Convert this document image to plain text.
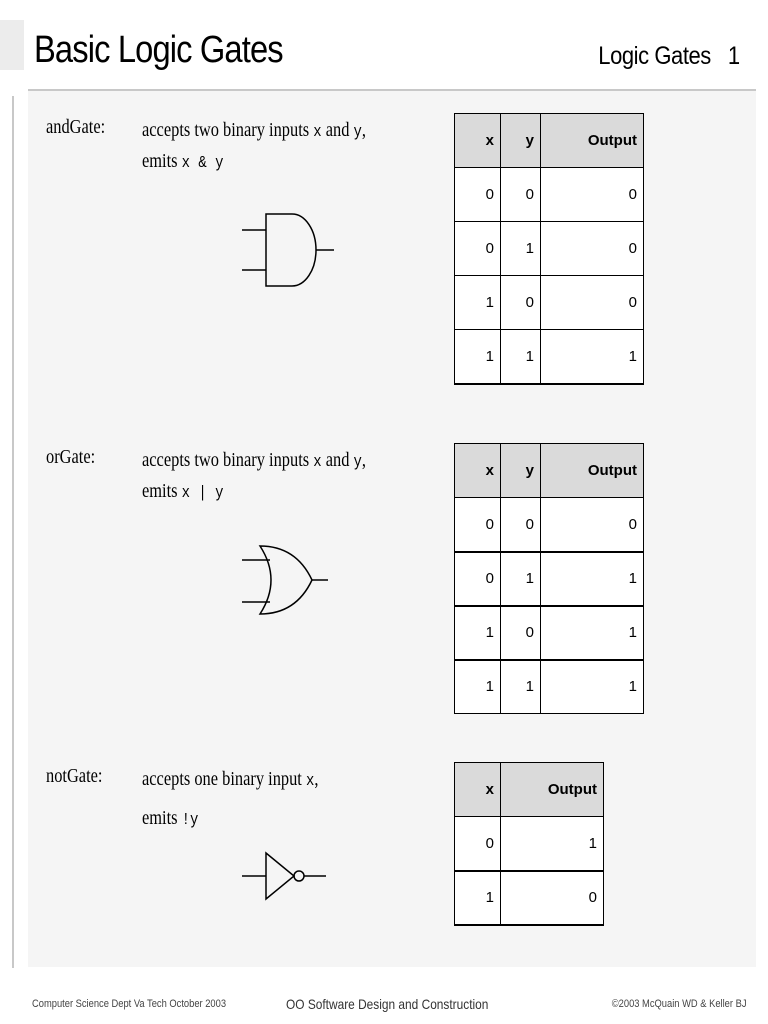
Basic Logic Gates	Logic Gates 1
andGate: accepts two binary inputs x and y,
emits x & y
x	y	Output
0	0	0
0	1	0
1	0	0
1	1	1
orGate: accepts two binary inputs x and y,
emits x | y
x	y	Output
0	0	0
0	1	1
1	0	1
1	1	1
notGate: accepts one binary input x,
emits !y
x	Output
0	1
1	0
Computer Science Dept Va Tech October 2003	OO Software Design and Construction	©2003 McQuain WD & Keller BJ
